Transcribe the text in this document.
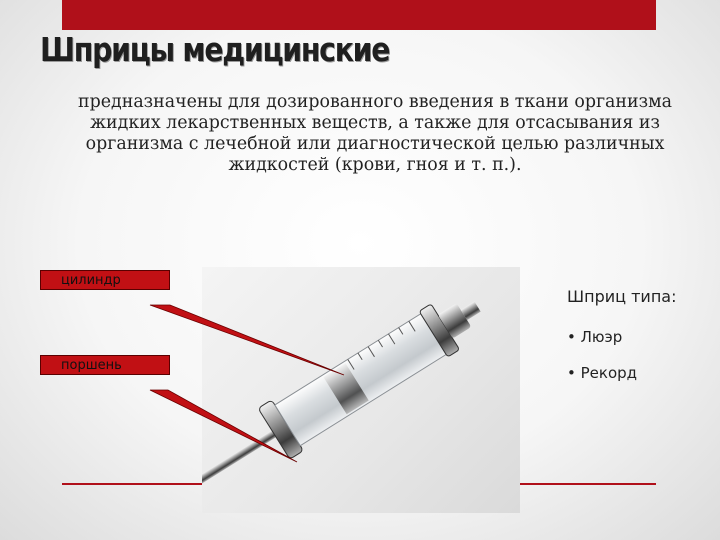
Шприцы медицинские

предназначены для дозированного введения в ткани организма жидких лекарственных веществ, а также для отсасывания из организма с лечебной или диагностической целью различных жидкостей (крови, гноя и т. п.).

цилиндр
поршень
Шприц типа:
• Люэр
• Рекорд
